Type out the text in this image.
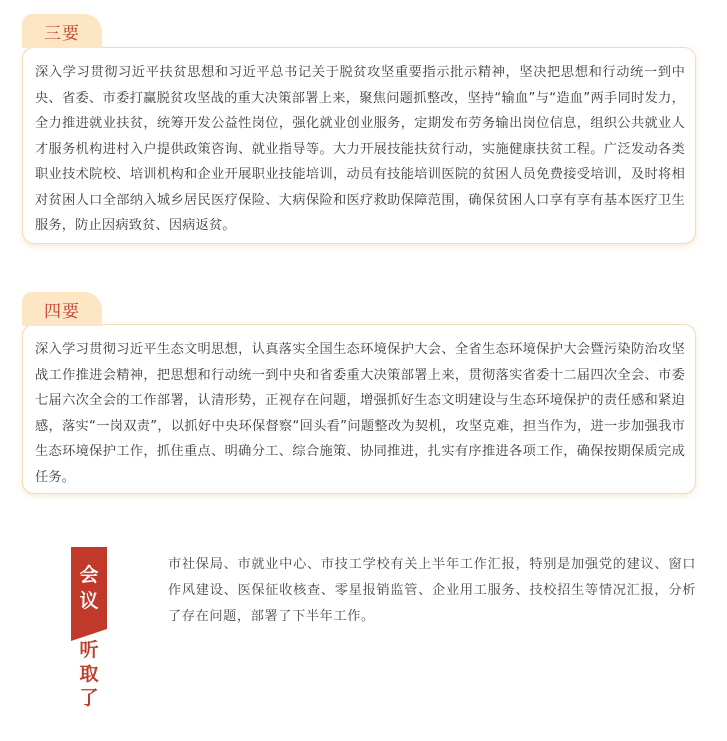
三要

深入学习贯彻习近平扶贫思想和习近平总书记关于脱贫攻坚重要指示批示精神，坚决把思想和行动统一到中央、省委、市委打赢脱贫攻坚战的重大决策部署上来，聚焦问题抓整改，坚持“输血”与“造血”两手同时发力，全力推进就业扶贫，统筹开发公益性岗位，强化就业创业服务，定期发布劳务输出岗位信息，组织公共就业人才服务机构进村入户提供政策咨询、就业指导等。大力开展技能扶贫行动，实施健康扶贫工程。广泛发动各类职业技术院校、培训机构和企业开展职业技能培训，动员有技能培训医院的贫困人员免费接受培训，及时将相对贫困人口全部纳入城乡居民医疗保险、大病保险和医疗救助保障范围，确保贫困人口享有享有基本医疗卫生服务，防止因病致贫、因病返贫。

四要

深入学习贯彻习近平生态文明思想，认真落实全国生态环境保护大会、全省生态环境保护大会暨污染防治攻坚战工作推进会精神，把思想和行动统一到中央和省委重大决策部署上来，贯彻落实省委十二届四次全会、市委七届六次全会的工作部署，认清形势，正视存在问题，增强抓好生态文明建设与生态环境保护的责任感和紧迫感，落实“一岗双责”，以抓好中央环保督察“回头看”问题整改为契机，攻坚克难，担当作为，进一步加强我市生态环境保护工作，抓住重点、明确分工、综合施策、协同推进，扎实有序推进各项工作，确保按期保质完成任务。

会
议
听
取
了

市社保局、市就业中心、市技工学校有关上半年工作汇报，特别是加强党的建议、窗口作风建设、医保征收核查、零星报销监管、企业用工服务、技校招生等情况汇报，分析了存在问题，部署了下半年工作。
